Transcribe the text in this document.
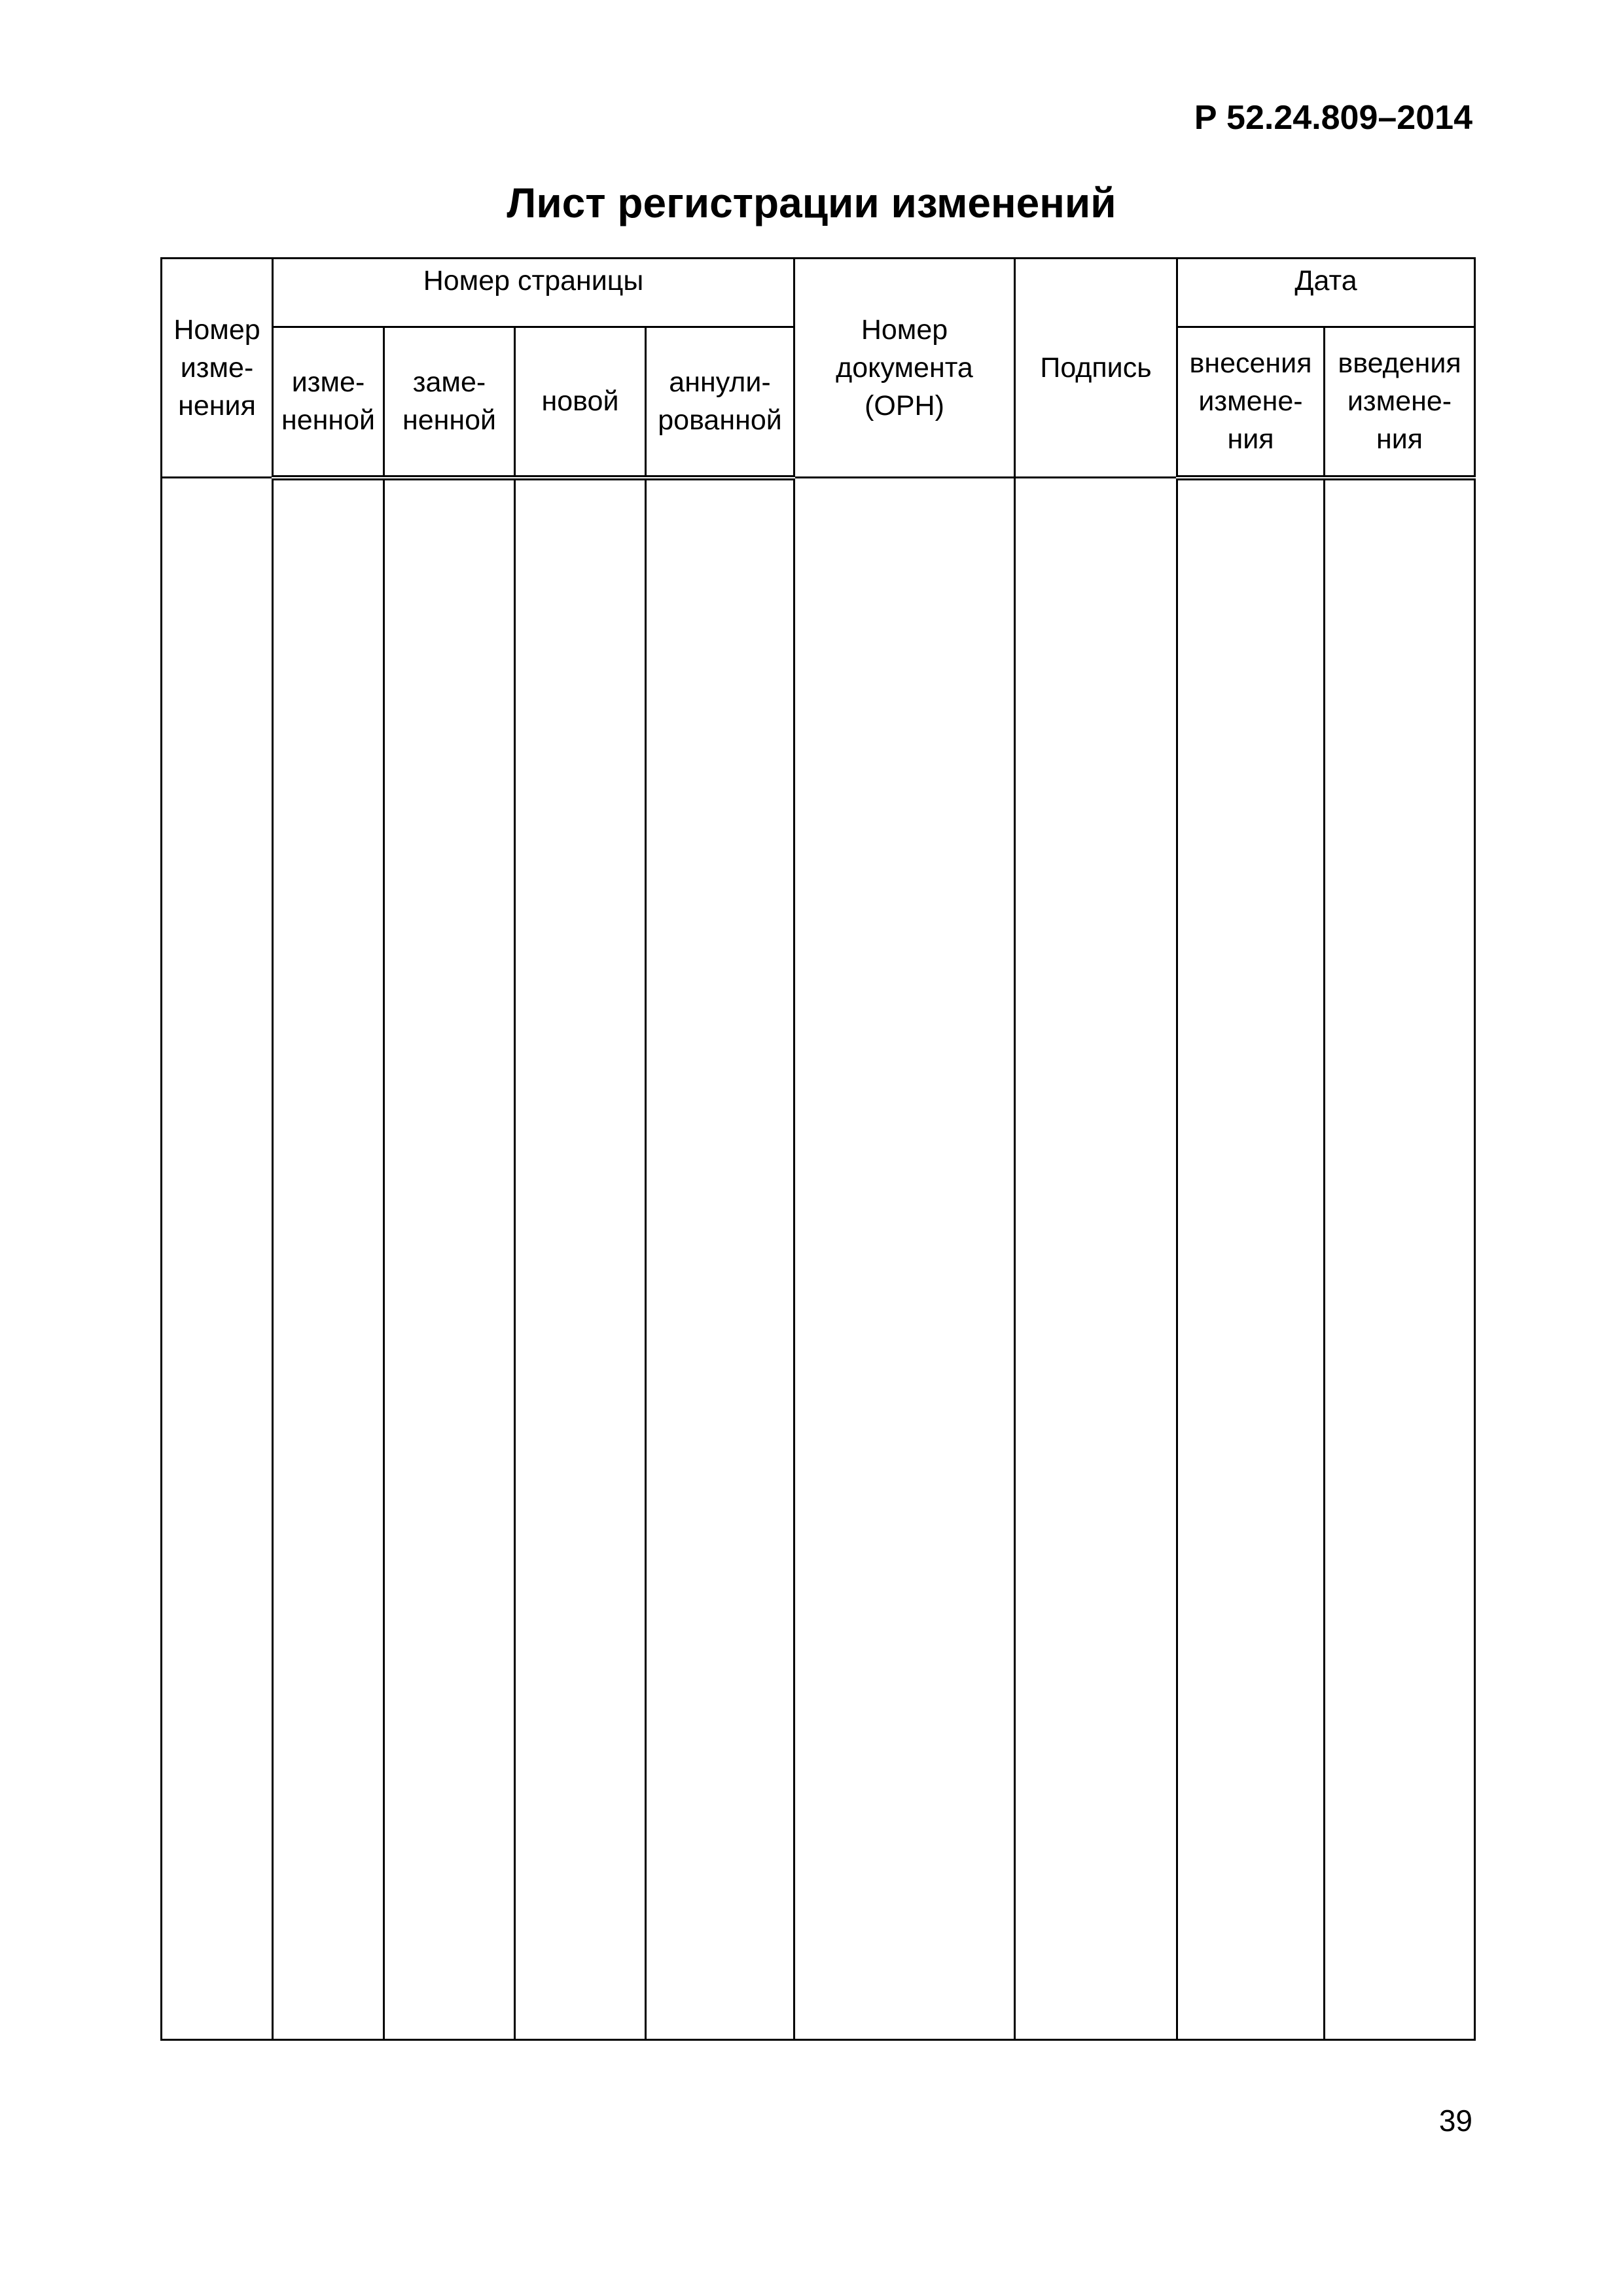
Р 52.24.809–2014
Лист регистрации изменений
Номер изме-нения	Номер страницы				Номер документа (ОРН)	Подпись	Дата	
	изме-ненной	заме-ненной	новой	аннули-рованной			внесения измене-ния	введения измене-ния

39
